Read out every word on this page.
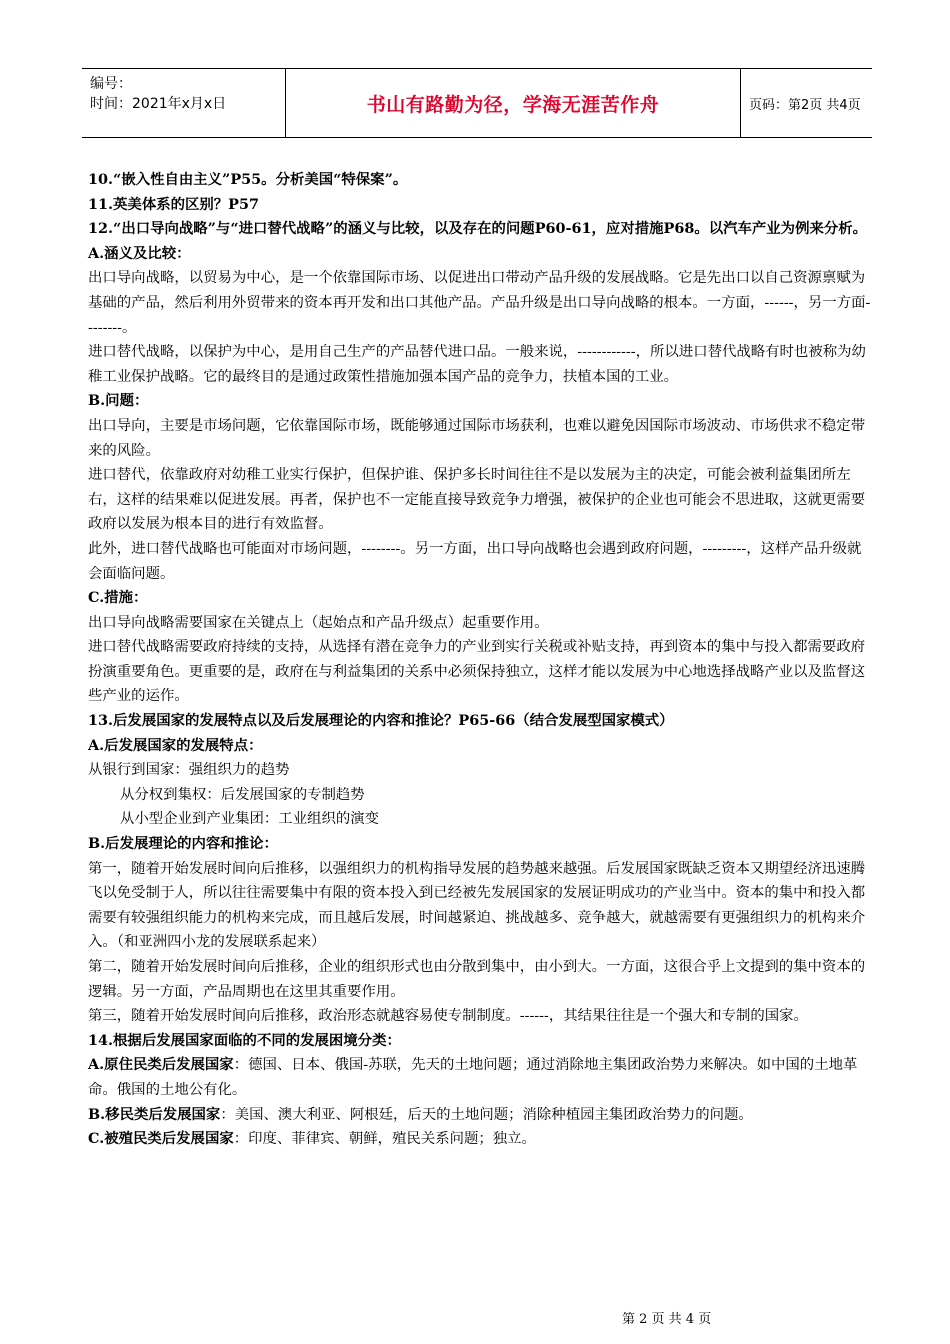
编号：
时间：2021年x月x日	书山有路勤为径，学海无涯苦作舟	页码：第2页 共4页

10.“嵌入性自由主义”P55。分析美国“特保案”。

11.英美体系的区别？P57

12.“出口导向战略”与“进口替代战略”的涵义与比较，以及存在的问题P60-61，应对措施P68。以汽车产业为例来分析。

A.涵义及比较：

出口导向战略，以贸易为中心，是一个依靠国际市场、以促进出口带动产品升级的发展战略。它是先出口以自己资源禀赋为基础的产品，然后利用外贸带来的资本再开发和出口其他产品。产品升级是出口导向战略的根本。一方面，------，另一方面--------。

进口替代战略，以保护为中心，是用自己生产的产品替代进口品。一般来说，------------，所以进口替代战略有时也被称为幼稚工业保护战略。它的最终目的是通过政策性措施加强本国产品的竞争力，扶植本国的工业。

B.问题：

出口导向，主要是市场问题，它依靠国际市场，既能够通过国际市场获利，也难以避免因国际市场波动、市场供求不稳定带来的风险。

进口替代，依靠政府对幼稚工业实行保护，但保护谁、保护多长时间往往不是以发展为主的决定，可能会被利益集团所左右，这样的结果难以促进发展。再者，保护也不一定能直接导致竞争力增强，被保护的企业也可能会不思进取，这就更需要政府以发展为根本目的进行有效监督。

此外，进口替代战略也可能面对市场问题，--------。另一方面，出口导向战略也会遇到政府问题，---------，这样产品升级就会面临问题。

C.措施：

出口导向战略需要国家在关键点上（起始点和产品升级点）起重要作用。

进口替代战略需要政府持续的支持，从选择有潜在竞争力的产业到实行关税或补贴支持，再到资本的集中与投入都需要政府扮演重要角色。更重要的是，政府在与利益集团的关系中必须保持独立，这样才能以发展为中心地选择战略产业以及监督这些产业的运作。

13.后发展国家的发展特点以及后发展理论的内容和推论？P65-66（结合发展型国家模式）

A.后发展国家的发展特点：

从银行到国家：强组织力的趋势

从分权到集权：后发展国家的专制趋势

从小型企业到产业集团：工业组织的演变

B.后发展理论的内容和推论：

第一，随着开始发展时间向后推移，以强组织力的机构指导发展的趋势越来越强。后发展国家既缺乏资本又期望经济迅速腾飞以免受制于人，所以往往需要集中有限的资本投入到已经被先发展国家的发展证明成功的产业当中。资本的集中和投入都需要有较强组织能力的机构来完成，而且越后发展，时间越紧迫、挑战越多、竞争越大，就越需要有更强组织力的机构来介入。（和亚洲四小龙的发展联系起来）

第二，随着开始发展时间向后推移，企业的组织形式也由分散到集中，由小到大。一方面，这很合乎上文提到的集中资本的逻辑。另一方面，产品周期也在这里其重要作用。

第三，随着开始发展时间向后推移，政治形态就越容易使专制制度。------，其结果往往是一个强大和专制的国家。

14.根据后发展国家面临的不同的发展困境分类：

A.原住民类后发展国家：德国、日本、俄国-苏联，先天的土地问题；通过消除地主集团政治势力来解决。如中国的土地革命。俄国的土地公有化。

B.移民类后发展国家：美国、澳大利亚、阿根廷，后天的土地问题；消除种植园主集团政治势力的问题。

C.被殖民类后发展国家：印度、菲律宾、朝鲜，殖民关系问题；独立。

第 2 页 共 4 页
